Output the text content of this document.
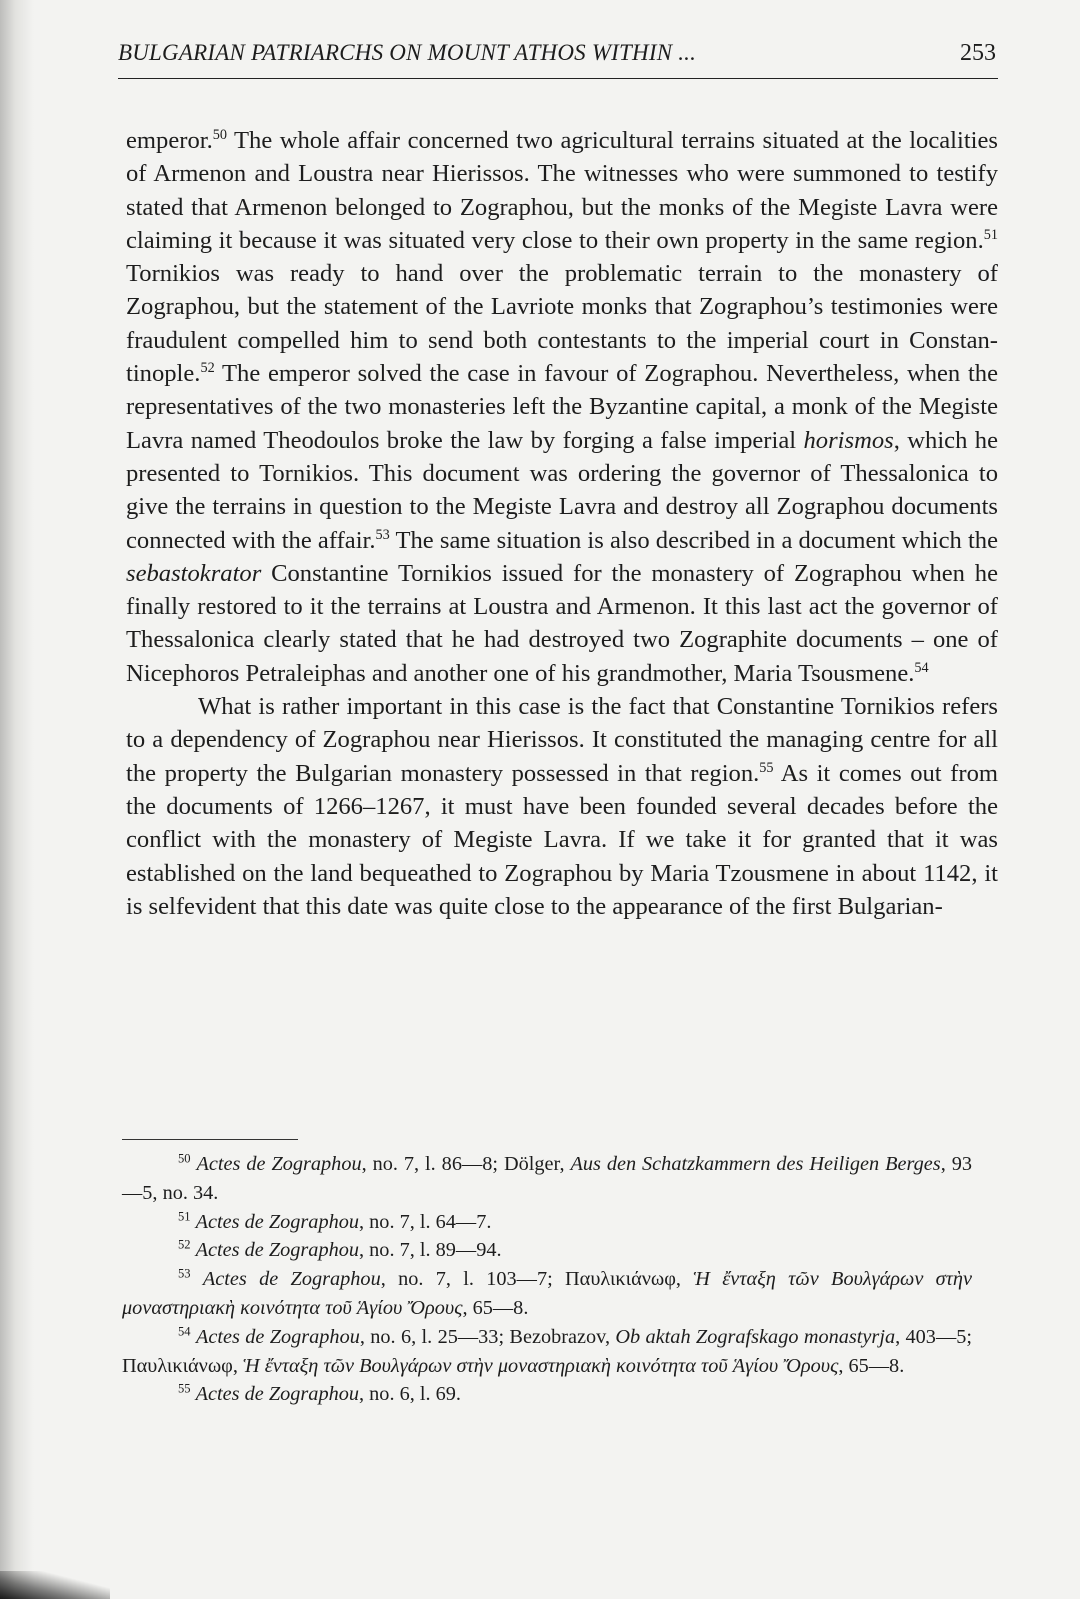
BULGARIAN PATRIARCHS ON MOUNT ATHOS WITHIN ...	253

emperor.$^{50}$ The whole affair concerned two agricultural terrains situated at the localities of Armenon and Loustra near Hierissos. The witnesses who were summoned to testify stated that Armenon belonged to Zographou, but the monks of the Megiste Lavra were claiming it because it was situated very close to their own property in the same region.$^{51}$ Tornikios was ready to hand over the problematic terrain to the monastery of Zographou, but the statement of the Lavriote monks that Zographou’s testimonies were fraudulent compelled him to send both contestants to the imperial court in Constantinople.$^{52}$ The emperor solved the case in favour of Zographou. Nevertheless, when the representatives of the two monasteries left the Byzantine capital, a monk of the Megiste Lavra named Theodoulos broke the law by forging a false imperial horismos, which he presented to Tornikios. This document was ordering the governor of Thessalonica to give the terrains in question to the Megiste Lavra and destroy all Zographou documents connected with the affair.$^{53}$ The same situation is also described in a document which the sebastokrator Constantine Tornikios issued for the monastery of Zographou when he finally restored to it the terrains at Loustra and Armenon. It this last act the governor of Thessalonica clearly stated that he had destroyed two Zographite documents – one of Nicephoros Petraleiphas and another one of his grandmother, Maria Tsousmene.$^{54}$

What is rather important in this case is the fact that Constantine Tornikios refers to a dependency of Zographou near Hierissos. It constituted the managing centre for all the property the Bulgarian monastery possessed in that region.$^{55}$ As it comes out from the documents of 1266–1267, it must have been founded several decades before the conflict with the monastery of Megiste Lavra. If we take it for granted that it was established on the land bequeathed to Zographou by Maria Tzousmene in about 1142, it is selfevident that this date was quite close to the appearance of the first Bulgarian-

$^{50}$ Actes de Zographou, no. 7, l. 86—8; Dölger, Aus den Schatzkammern des Heiligen Berges, 93—5, no. 34.

$^{51}$ Actes de Zographou, no. 7, l. 64—7.

$^{52}$ Actes de Zographou, no. 7, l. 89—94.

$^{53}$ Actes de Zographou, no. 7, l. 103—7; Παυλικιάνωφ, Ἡ ἔνταξη τῶν Βουλγάρων στὴν μοναστηριακὴ κοινότητα τοῦ Ἁγίου Ὄρους, 65—8.

$^{54}$ Actes de Zographou, no. 6, l. 25—33; Bezobrazov, Ob aktah Zografskago monastyrja, 403—5; Παυλικιάνωφ, Ἡ ἔνταξη τῶν Βουλγάρων στὴν μοναστηριακὴ κοινότητα τοῦ Ἁγίου Ὄρους, 65—8.

$^{55}$ Actes de Zographou, no. 6, l. 69.
